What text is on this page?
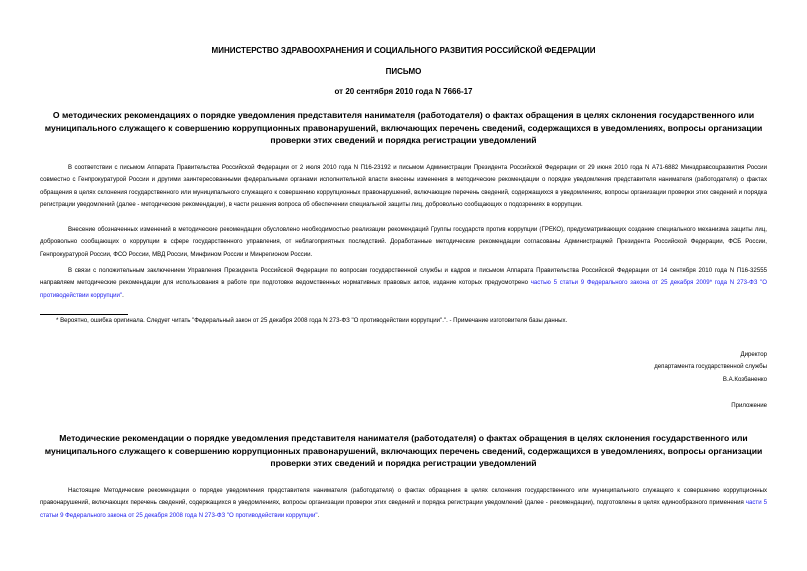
МИНИСТЕРСТВО ЗДРАВООХРАНЕНИЯ И СОЦИАЛЬНОГО РАЗВИТИЯ РОССИЙСКОЙ ФЕДЕРАЦИИ
ПИСЬМО
от 20 сентября 2010 года N 7666-17
О методических рекомендациях о порядке уведомления представителя нанимателя (работодателя) о фактах обращения в целях склонения государственного или муниципального служащего к совершению коррупционных правонарушений, включающих перечень сведений, содержащихся в уведомлениях, вопросы организации проверки этих сведений и порядка регистрации уведомлений
В соответствии с письмом Аппарата Правительства Российской Федерации от 2 июля 2010 года N П16-23192 и письмом Администрации Президента Российской Федерации от 29 июня 2010 года N А71-6882 Минздравсоцразвития России совместно с Генпрокуратурой России и другими заинтересованными федеральными органами исполнительной власти внесены изменения в методические рекомендации о порядке уведомления представителя нанимателя (работодателя) о фактах обращения в целях склонения государственного или муниципального служащего к совершению коррупционных правонарушений, включающие перечень сведений, содержащихся в уведомлениях, вопросы организации проверки этих сведений и порядка регистрации уведомлений (далее - методические рекомендации), в части решения вопроса об обеспечении специальной защиты лиц, добровольно сообщающих о подозрениях в коррупции.
Внесение обозначенных изменений в методические рекомендации обусловлено необходимостью реализации рекомендаций Группы государств против коррупции (ГРЕКО), предусматривающих создание специального механизма защиты лиц, добровольно сообщающих о коррупции в сфере государственного управления, от неблагоприятных последствий. Доработанные методические рекомендации согласованы Администрацией Президента Российской Федерации, ФСБ России, Генпрокуратурой России, ФСО России, МВД России, Минфином России и Минрегионом России.
В связи с положительным заключением Управления Президента Российской Федерации по вопросам государственной службы и кадров и письмом Аппарата Правительства Российской Федерации от 14 сентября 2010 года N П16-32555 направляем методические рекомендации для использования в работе при подготовке ведомственных нормативных правовых актов, издание которых предусмотрено частью 5 статьи 9 Федерального закона от 25 декабря 2009* года N 273-ФЗ "О противодействии коррупции".
* Вероятно, ошибка оригинала. Следует читать "Федеральный закон от 25 декабря 2008 года N 273-ФЗ "О противодействии коррупции".". - Примечание изготовителя базы данных.
Директор
департамента государственной службы
В.А.Козбаненко
Приложение
Методические рекомендации о порядке уведомления представителя нанимателя (работодателя) о фактах обращения в целях склонения государственного или муниципального служащего к совершению коррупционных правонарушений, включающих перечень сведений, содержащихся в уведомлениях, вопросы организации проверки этих сведений и порядка регистрации уведомлений
Настоящие Методические рекомендации о порядке уведомления представителя нанимателя (работодателя) о фактах обращения в целях склонения государственного или муниципального служащего к совершению коррупционных правонарушений, включающих перечень сведений, содержащихся в уведомлениях, вопросы организации проверки этих сведений и порядка регистрации уведомлений (далее - рекомендации), подготовлены в целях единообразного применения части 5 статьи 9 Федерального закона от 25 декабря 2008 года N 273-ФЗ "О противодействии коррупции".
